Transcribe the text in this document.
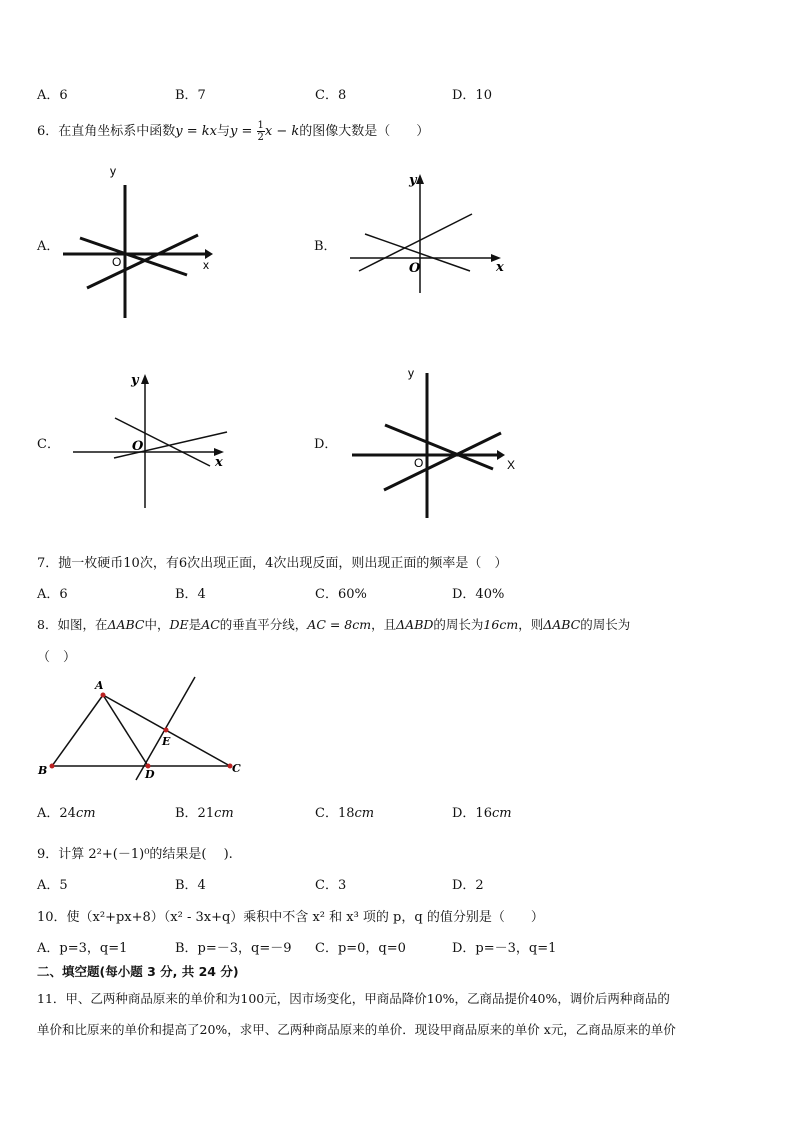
A．6	B．7	C．8	D．10
6．在直角坐标系中函数y = kx与$y = \frac{1}{2}$ x − k的图像大数是（　　）
A．	B．
C．	D．
y
x
O
y
x
O
y
x
O
y
X
O
7．抛一枚硬币10次，有6次出现正面，4次出现反面，则出现正面的频率是（　）
A．6	B．4	C．60%	D．40%
8．如图，在ΔABC中，DE是AC的垂直平分线，AC = 8cm，且ΔABD的周长为16cm，则ΔABC的周长为
（　）
A
B	C
D
E
A．24cm	B．21cm	C．18cm	D．16cm
9．计算 2²+(－1)⁰的结果是(　 ).
A．5	B．4	C．3	D．2
10．使（x²+px+8）（x² - 3x+q）乘积中不含 x² 和 x³ 项的 p，q 的值分别是（　　）
A．p=3，q=1	B．p=－3，q=－9 C．p=0，q=0	D．p=－3，q=1
二、填空题(每小题 3 分, 共 24 分)
11．甲、乙两种商品原来的单价和为100元，因市场变化，甲商品降价10%，乙商品提价40%，调价后两种商品的
单价和比原来的单价和提高了20%，求甲、乙两种商品原来的单价．现设甲商品原来的单价 x元，乙商品原来的单价
